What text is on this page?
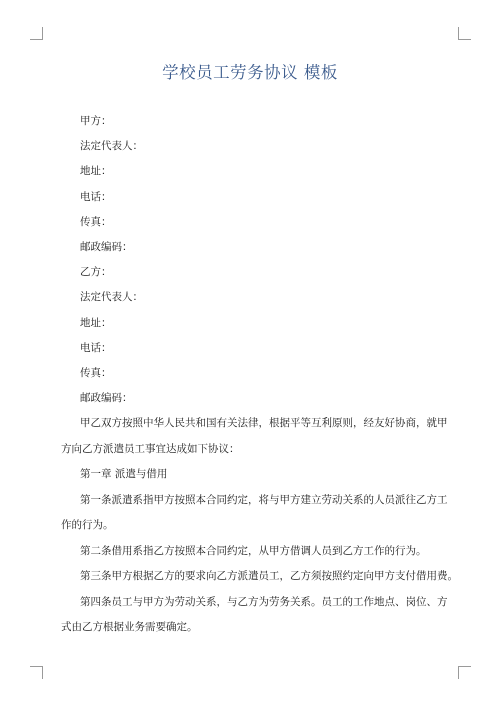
学校员工劳务协议 模板
甲方：
法定代表人：
地址：
电话：
传真：
邮政编码：
乙方：
法定代表人：
地址：
电话：
传真：
邮政编码：
甲乙双方按照中华人民共和国有关法律，根据平等互利原则，经友好协商，就甲
方向乙方派遣员工事宜达成如下协议：
第一章 派遣与借用
第一条派遣系指甲方按照本合同约定，将与甲方建立劳动关系的人员派往乙方工
作的行为。
第二条借用系指乙方按照本合同约定，从甲方借调人员到乙方工作的行为。
第三条甲方根据乙方的要求向乙方派遣员工，乙方须按照约定向甲方支付借用费。
第四条员工与甲方为劳动关系，与乙方为劳务关系。员工的工作地点、岗位、方
式由乙方根据业务需要确定。
